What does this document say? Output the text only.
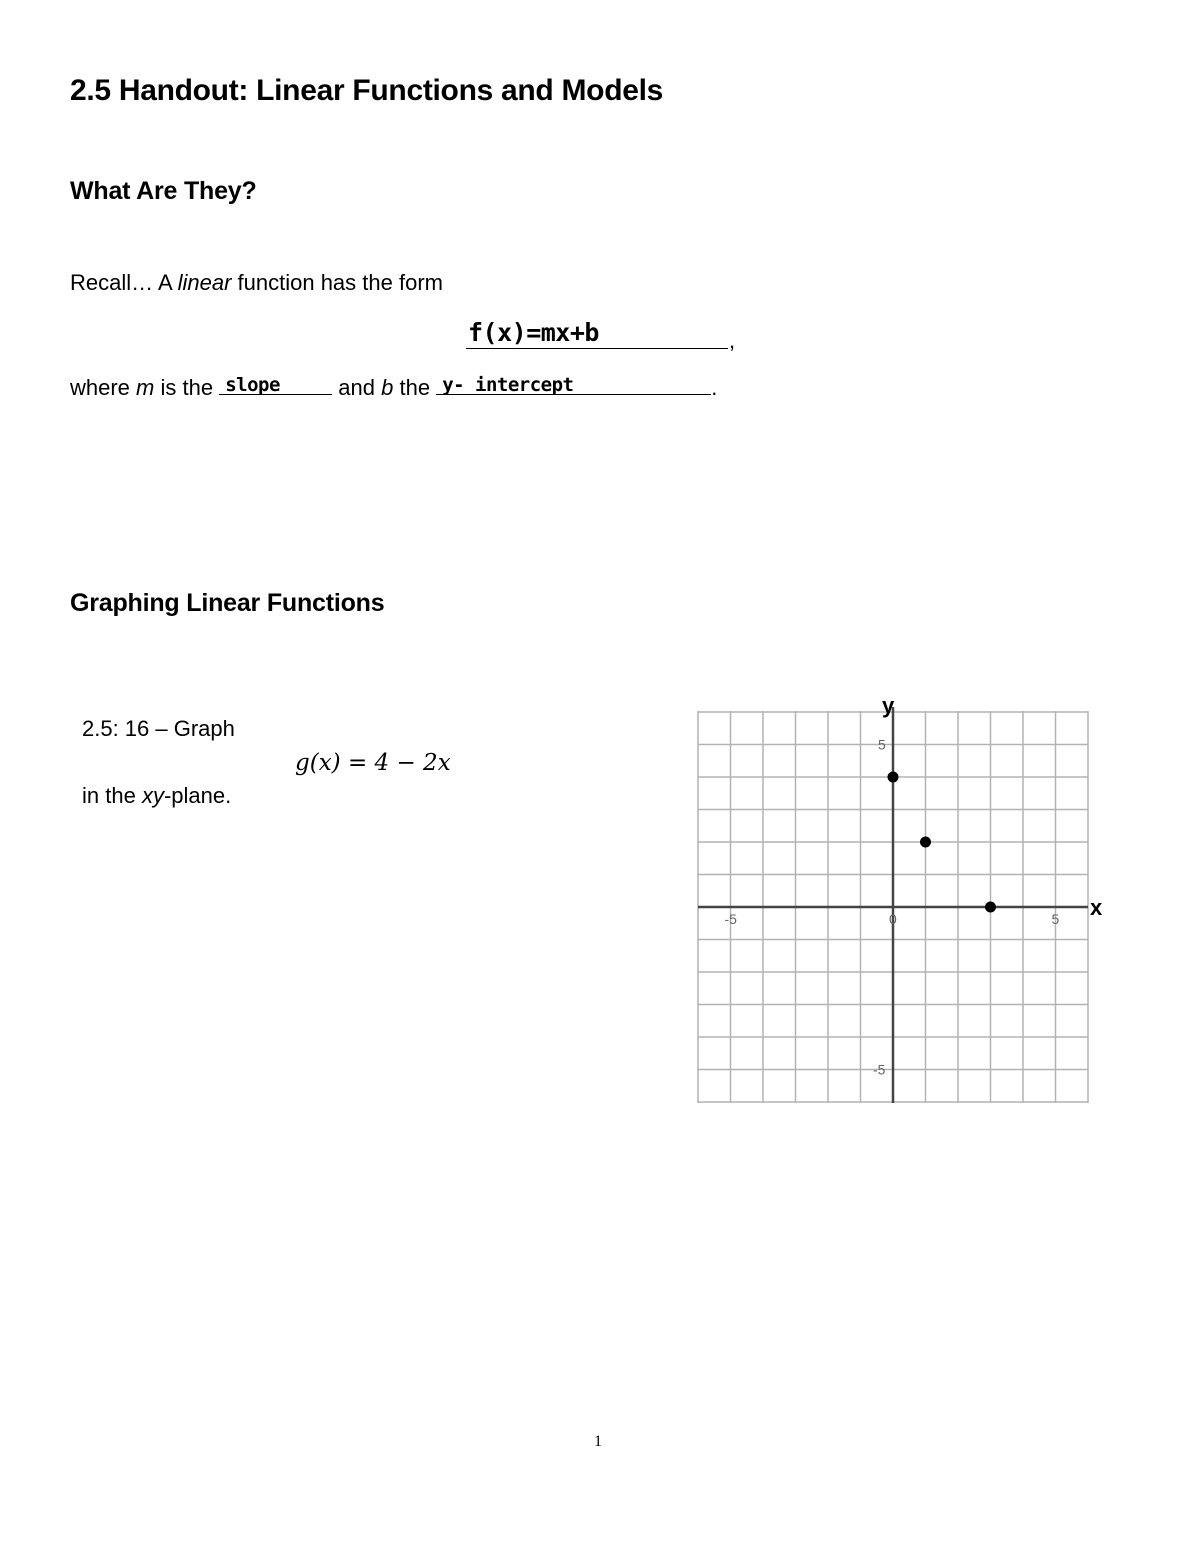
2.5 Handout: Linear Functions and Models
What Are They?
Recall… A linear function has the form
f(x)=mx+b	,
where m is the slope and b the y- intercept	.
Graphing Linear Functions
2.5: 16 – Graph
g(x) = 4 − 2x
in the xy-plane.
x
y
-5	0	5
5
-5
1
